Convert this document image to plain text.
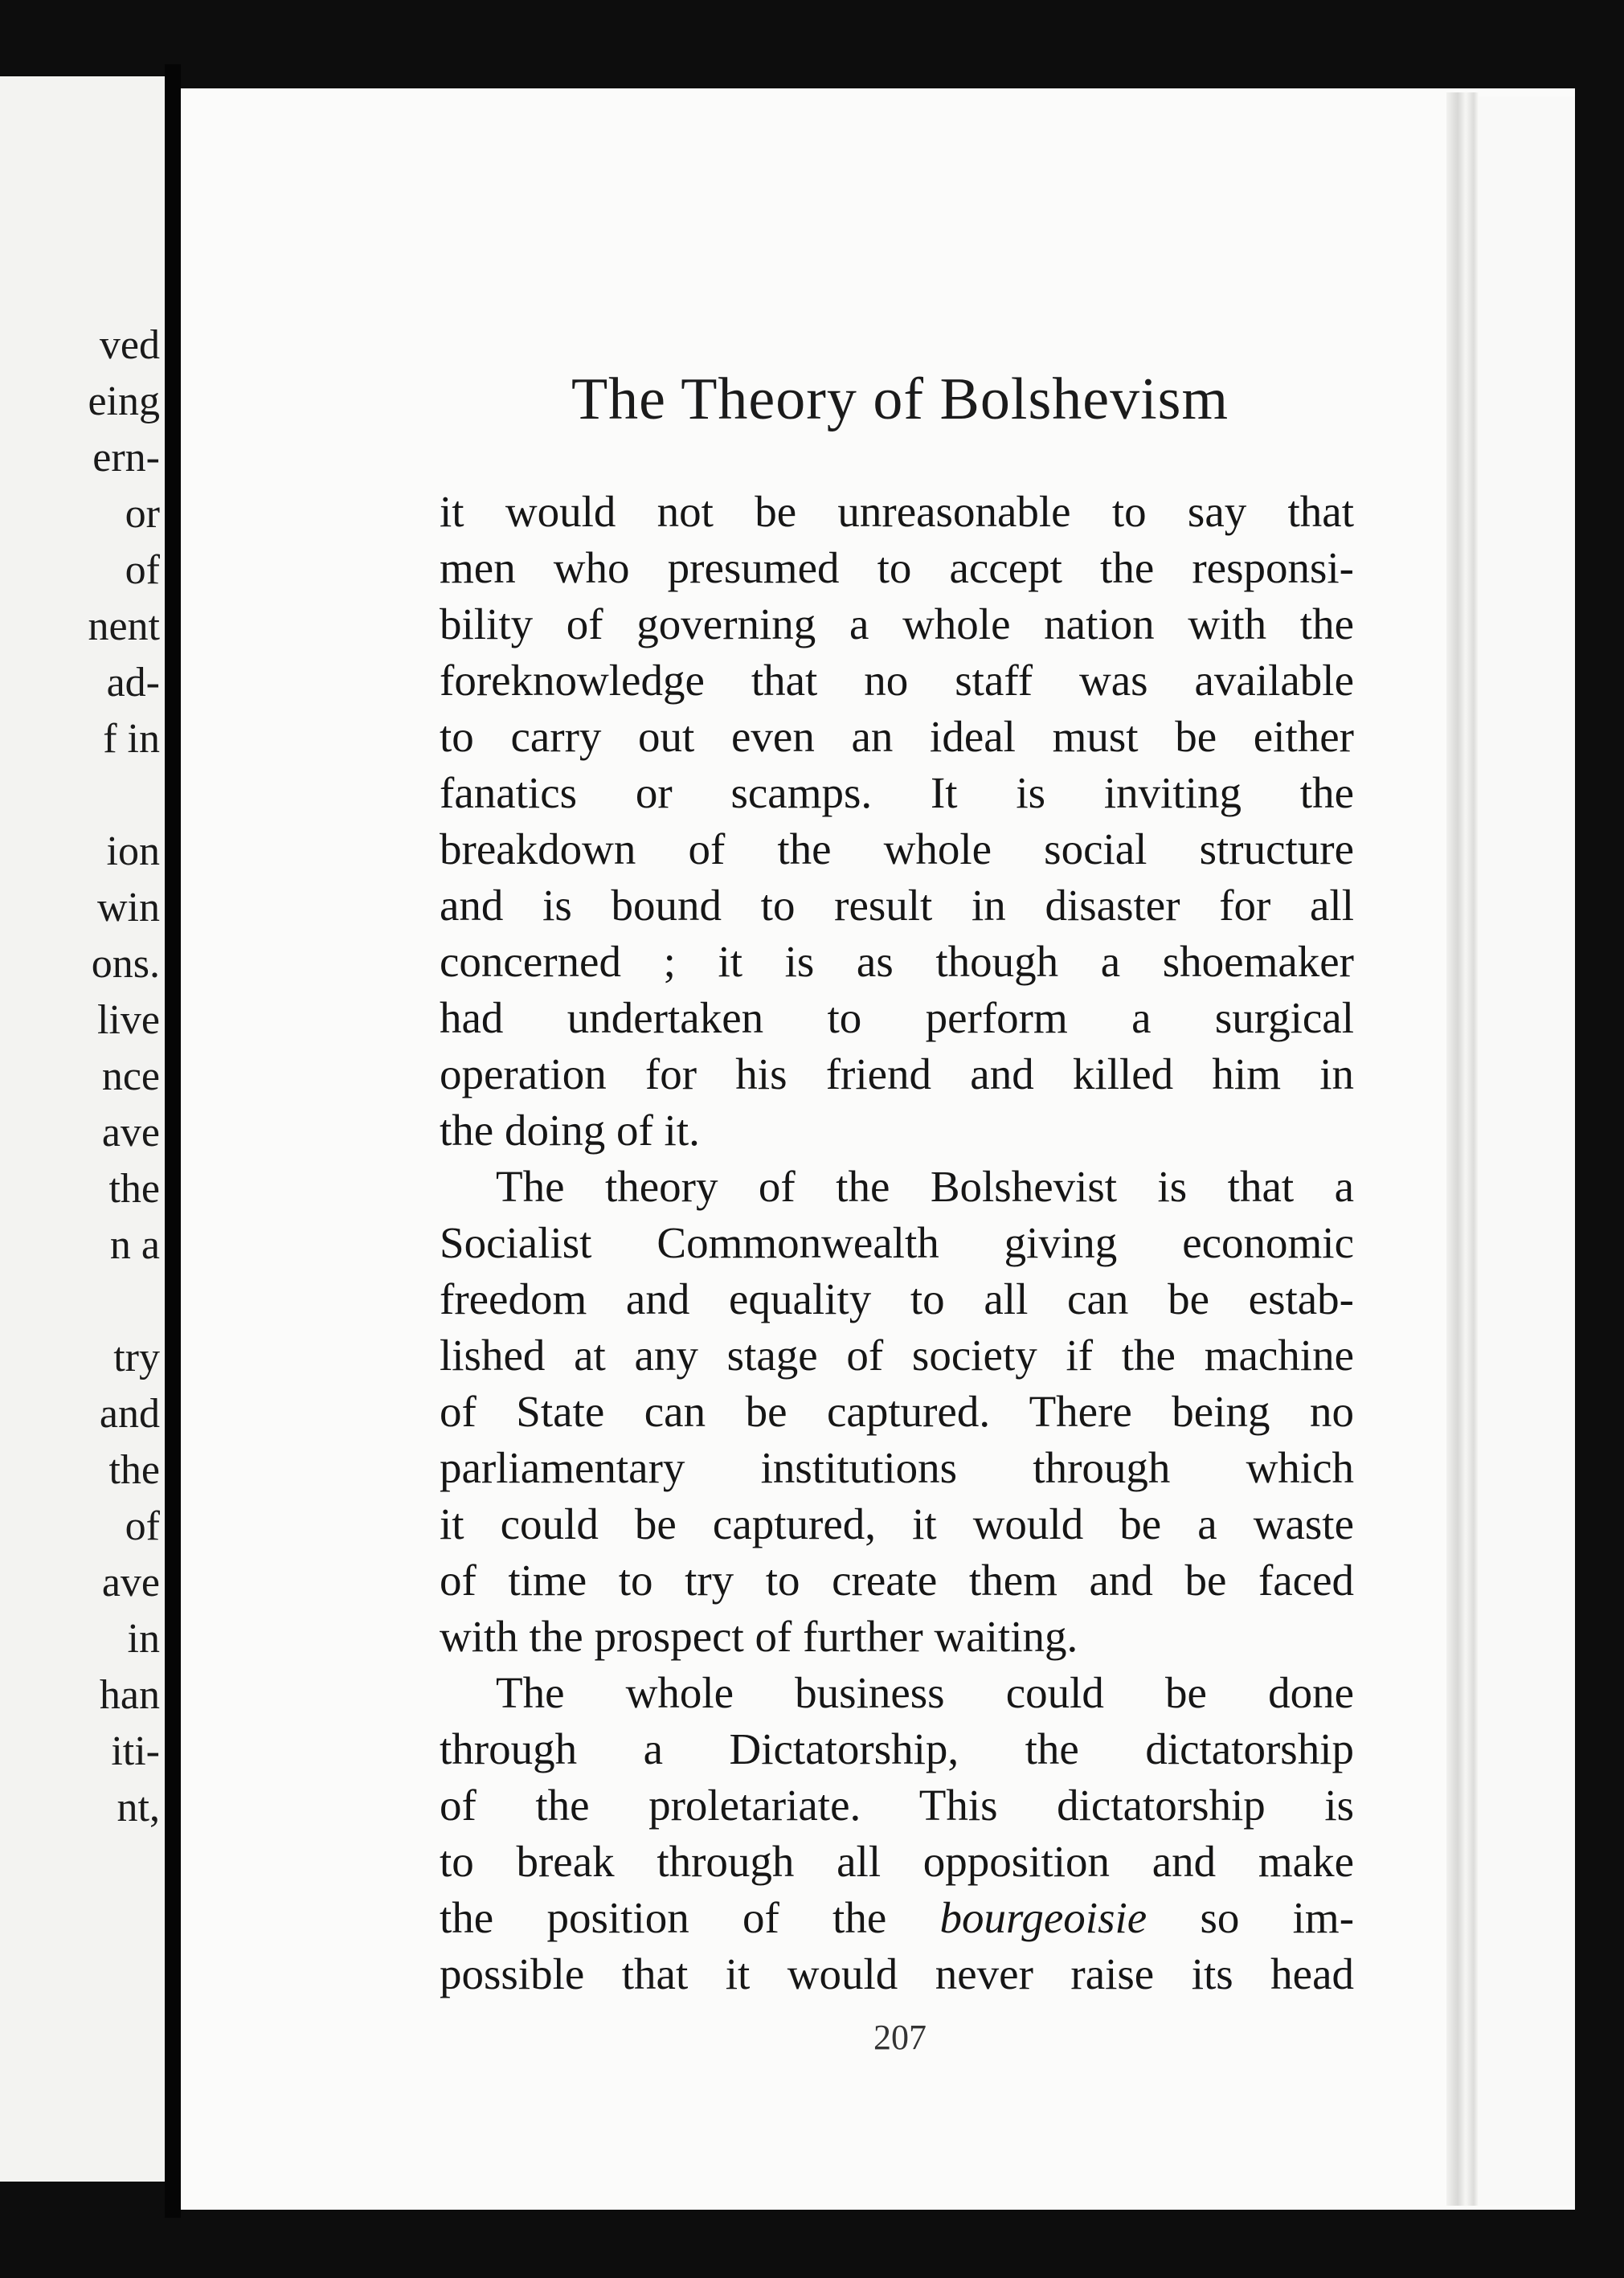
ved
eing
ern-
or
of
nent
ad-
f in
ion
win
ons.
live
nce
ave
the
n a
try
and
the
of
ave
in
han
iti-
nt,
The Theory of Bolshevism
it would not be unreasonable to say that
men who presumed to accept the responsi-
bility of governing a whole nation with the
foreknowledge that no staff was available
to carry out even an ideal must be either
fanatics or scamps. It is inviting the
breakdown of the whole social structure
and is bound to result in disaster for all
concerned ; it is as though a shoemaker
had undertaken to perform a surgical
operation for his friend and killed him in
the doing of it.
The theory of the Bolshevist is that a
Socialist Commonwealth giving economic
freedom and equality to all can be estab-
lished at any stage of society if the machine
of State can be captured. There being no
parliamentary institutions through which
it could be captured, it would be a waste
of time to try to create them and be faced
with the prospect of further waiting.
The whole business could be done
through a Dictatorship, the dictatorship
of the proletariate. This dictatorship is
to break through all opposition and make
the position of the bourgeoisie so im-
possible that it would never raise its head
207
